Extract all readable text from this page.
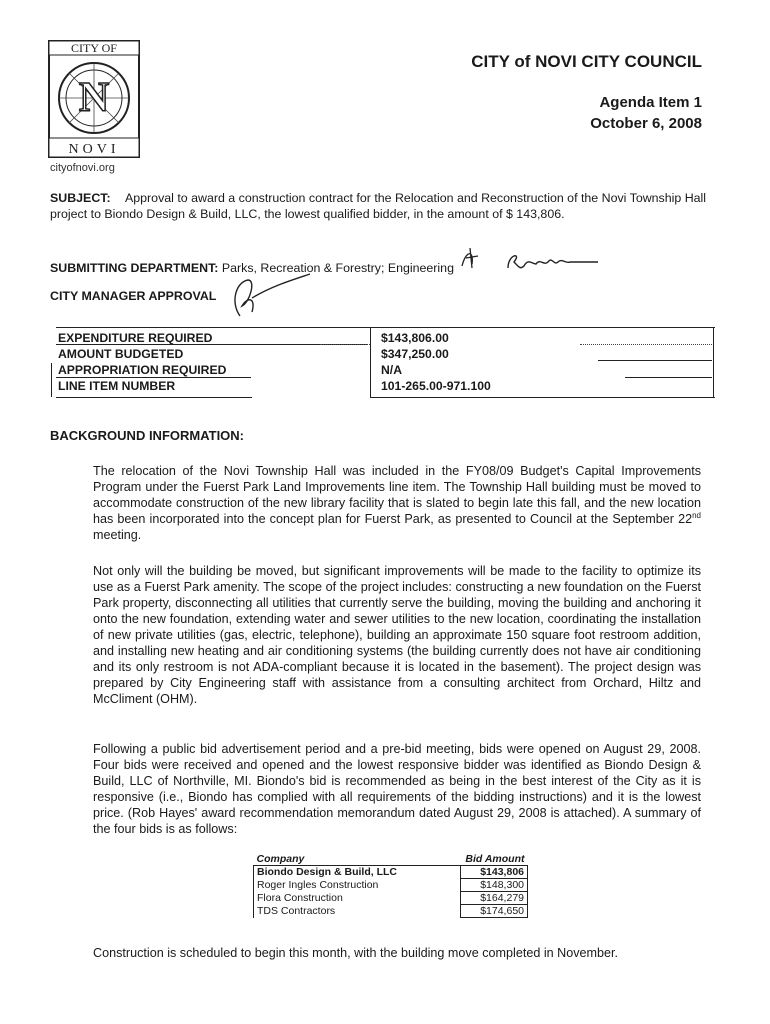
CITY OF
N
NOVI
cityofnovi.org
CITY of NOVI CITY COUNCIL
Agenda Item 1
October 6, 2008
SUBJECT:	Approval to award a construction contract for the Relocation and Reconstruction of the Novi Township Hall project to Biondo Design & Build, LLC, the lowest qualified bidder, in the amount of $ 143,806.
SUBMITTING DEPARTMENT: Parks, Recreation & Forestry; Engineering
CITY MANAGER APPROVAL
EXPENDITURE REQUIRED	$143,806.00
AMOUNT BUDGETED	$347,250.00
APPROPRIATION REQUIRED	N/A
LINE ITEM NUMBER	101-265.00-971.100
BACKGROUND INFORMATION:
The relocation of the Novi Township Hall was included in the FY08/09 Budget's Capital Improvements Program under the Fuerst Park Land Improvements line item. The Township Hall building must be moved to accommodate construction of the new library facility that is slated to begin late this fall, and the new location has been incorporated into the concept plan for Fuerst Park, as presented to Council at the September 22nd meeting.
Not only will the building be moved, but significant improvements will be made to the facility to optimize its use as a Fuerst Park amenity. The scope of the project includes: constructing a new foundation on the Fuerst Park property, disconnecting all utilities that currently serve the building, moving the building and anchoring it onto the new foundation, extending water and sewer utilities to the new location, coordinating the installation of new private utilities (gas, electric, telephone), building an approximate 150 square foot restroom addition, and installing new heating and air conditioning systems (the building currently does not have air conditioning and its only restroom is not ADA-compliant because it is located in the basement). The project design was prepared by City Engineering staff with assistance from a consulting architect from Orchard, Hiltz and McCliment (OHM).
Following a public bid advertisement period and a pre-bid meeting, bids were opened on August 29, 2008. Four bids were received and opened and the lowest responsive bidder was identified as Biondo Design & Build, LLC of Northville, MI. Biondo's bid is recommended as being in the best interest of the City as it is responsive (i.e., Biondo has complied with all requirements of the bidding instructions) and it is the lowest price. (Rob Hayes' award recommendation memorandum dated August 29, 2008 is attached). A summary of the four bids is as follows:
Company	Bid Amount
Biondo Design & Build, LLC	$143,806
Roger Ingles Construction	$148,300
Flora Construction	$164,279
TDS Contractors	$174,650
Construction is scheduled to begin this month, with the building move completed in November.
